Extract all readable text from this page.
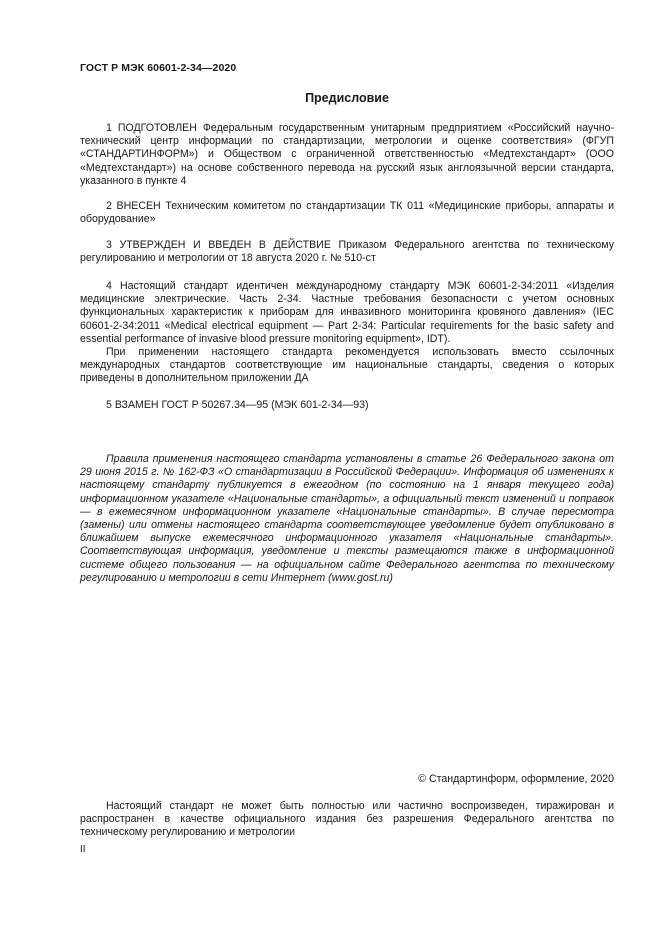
ГОСТ Р МЭК 60601-2-34—2020
Предисловие

1 ПОДГОТОВЛЕН Федеральным государственным унитарным предприятием «Российский научно-технический центр информации по стандартизации, метрологии и оценке соответствия» (ФГУП «СТАНДАРТИНФОРМ») и Обществом с ограниченной ответственностью «Медтехстандарт» (ООО «Медтехстандарт») на основе собственного перевода на русский язык англоязычной версии стандарта, указанного в пункте 4

2 ВНЕСЕН Техническим комитетом по стандартизации ТК 011 «Медицинские приборы, аппараты и оборудование»

3 УТВЕРЖДЕН И ВВЕДЕН В ДЕЙСТВИЕ Приказом Федерального агентства по техническому регулированию и метрологии от 18 августа 2020 г. № 510-ст

4 Настоящий стандарт идентичен международному стандарту МЭК 60601-2-34:2011 «Изделия медицинские электрические. Часть 2-34. Частные требования безопасности с учетом основных функциональных характеристик к приборам для инвазивного мониторинга кровяного давления» (IEC 60601-2-34:2011 «Medical electrical equipment — Part 2-34: Particular requirements for the basic safety and essential performance of invasive blood pressure monitoring equipment», IDT).

При применении настоящего стандарта рекомендуется использовать вместо ссылочных международных стандартов соответствующие им национальные стандарты, сведения о которых приведены в дополнительном приложении ДА

5 ВЗАМЕН ГОСТ Р 50267.34—95 (МЭК 601-2-34—93)

Правила применения настоящего стандарта установлены в статье 26 Федерального закона от 29 июня 2015 г. № 162-ФЗ «О стандартизации в Российской Федерации». Информация об изменениях к настоящему стандарту публикуется в ежегодном (по состоянию на 1 января текущего года) информационном указателе «Национальные стандарты», а официальный текст изменений и поправок — в ежемесячном информационном указателе «Национальные стандарты». В случае пересмотра (замены) или отмены настоящего стандарта соответствующее уведомление будет опубликовано в ближайшем выпуске ежемесячного информационного указателя «Национальные стандарты». Соответствующая информация, уведомление и тексты размещаются также в информационной системе общего пользования — на официальном сайте Федерального агентства по техническому регулированию и метрологии в сети Интернет (www.gost.ru)

© Стандартинформ, оформление, 2020

Настоящий стандарт не может быть полностью или частично воспроизведен, тиражирован и распространен в качестве официального издания без разрешения Федерального агентства по техническому регулированию и метрологии

II
